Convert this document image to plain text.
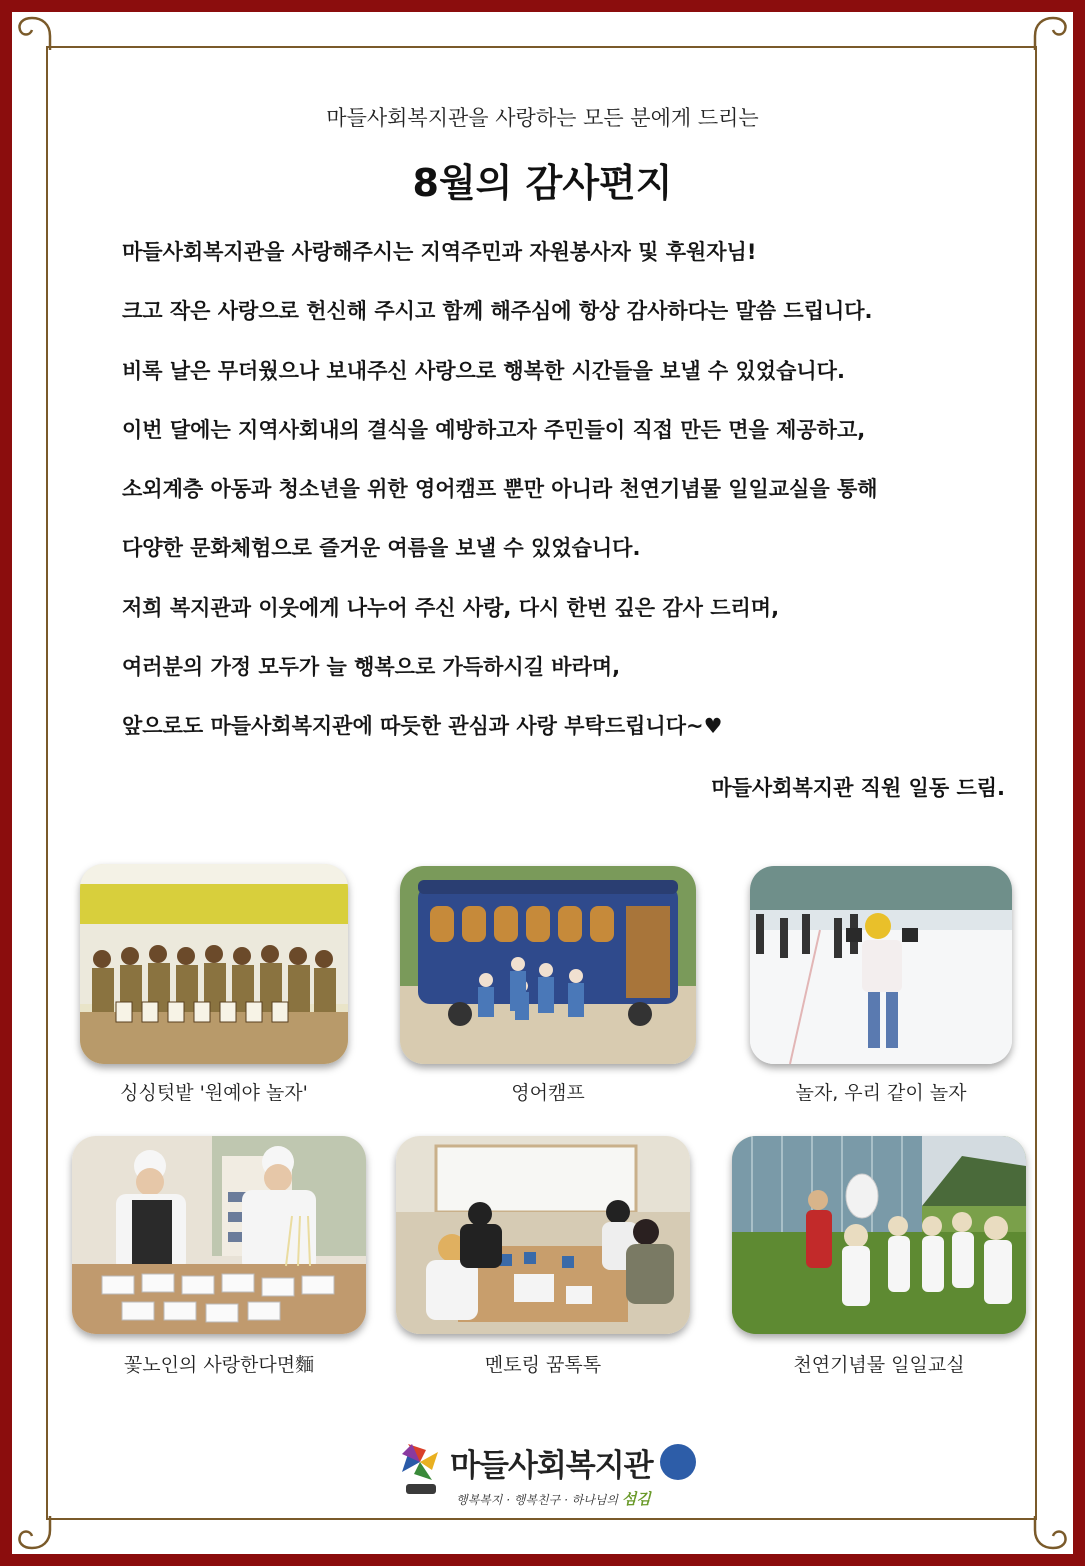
마들사회복지관을 사랑하는 모든 분에게 드리는
8월의 감사편지
마들사회복지관을 사랑해주시는 지역주민과 자원봉사자 및 후원자님!
크고 작은 사랑으로 헌신해 주시고 함께 해주심에 항상 감사하다는 말씀 드립니다.
비록 날은 무더웠으나 보내주신 사랑으로 행복한 시간들을 보낼 수 있었습니다.
이번 달에는 지역사회내의 결식을 예방하고자 주민들이 직접 만든 면을 제공하고,
소외계층 아동과 청소년을 위한 영어캠프 뿐만 아니라 천연기념물 일일교실을 통해
다양한 문화체험으로 즐거운 여름을 보낼 수 있었습니다.
저희 복지관과 이웃에게 나누어 주신 사랑, 다시 한번 깊은 감사 드리며,
여러분의 가정 모두가 늘 행복으로 가득하시길 바라며,
앞으로도 마들사회복지관에 따듯한 관심과 사랑 부탁드립니다~♥
마들사회복지관 직원 일동 드림.
싱싱텃밭 '원예야 놀자'	영어캠프	놀자, 우리 같이 놀자
꽃노인의 사랑한다면麵	멘토링 꿈톡톡	천연기념물 일일교실
마들사회복지관
행복복지 · 행복친구 · 하나님의 섬김
